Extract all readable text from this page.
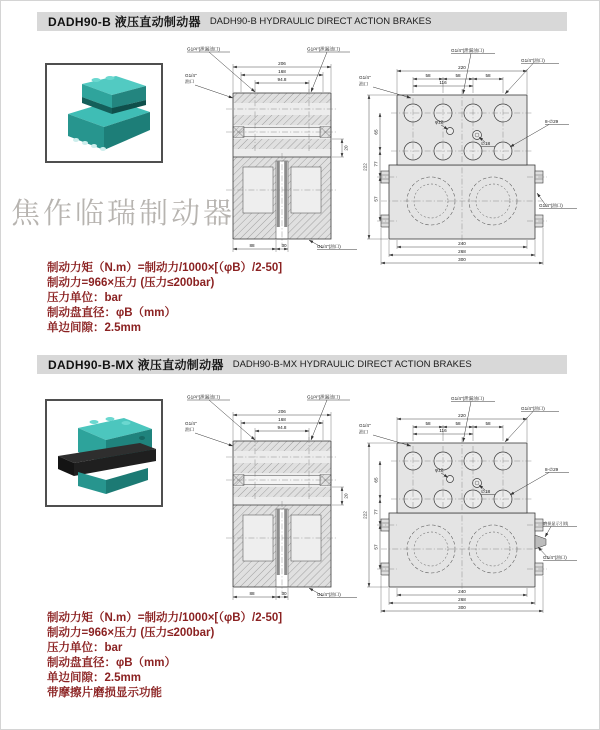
DADH90-B 液压直动制动器 DADH90-B HYDRAULIC DIRECT ACTION BRAKES
206
168
94.8
20
88	30
G1/4"(泄漏油口)	G1/4"(泄漏油口)
G1/4"
油口
G1/4"(油口)
220
58	58	58
116
222
65
77
57
240
268
300
G1/4"(泄漏油口)
G1/4"(油口)
G1/4"
油口
φ12
∅18
8-∅29
G1/4"(油口)
焦作临瑞制动器
制动力矩（N.m）=制动力/1000×[（φB）/2-50]
制动力=966×压力 (压力≤200bar)
压力单位：bar
制动盘直径：φB（mm）
单边间隙：2.5mm
DADH90-B-MX 液压直动制动器 DADH90-B-MX HYDRAULIC DIRECT ACTION BRAKES
206
168
94.8
20
88	30
G1/4"(泄漏油口)	G1/4"(泄漏油口)
G1/4"
油口
G1/4"(油口)
220
58	58	58
116
222
65
77
57
240
268
300
G1/4"(泄漏油口)
G1/4"(油口)
G1/4"
油口
φ12
∅18
8-∅29
磨损显示引线
G1/4"(油口)
制动力矩（N.m）=制动力/1000×[（φB）/2-50]
制动力=966×压力 (压力≤200bar)
压力单位：bar
制动盘直径：φB（mm）
单边间隙：2.5mm
带摩擦片磨损显示功能
